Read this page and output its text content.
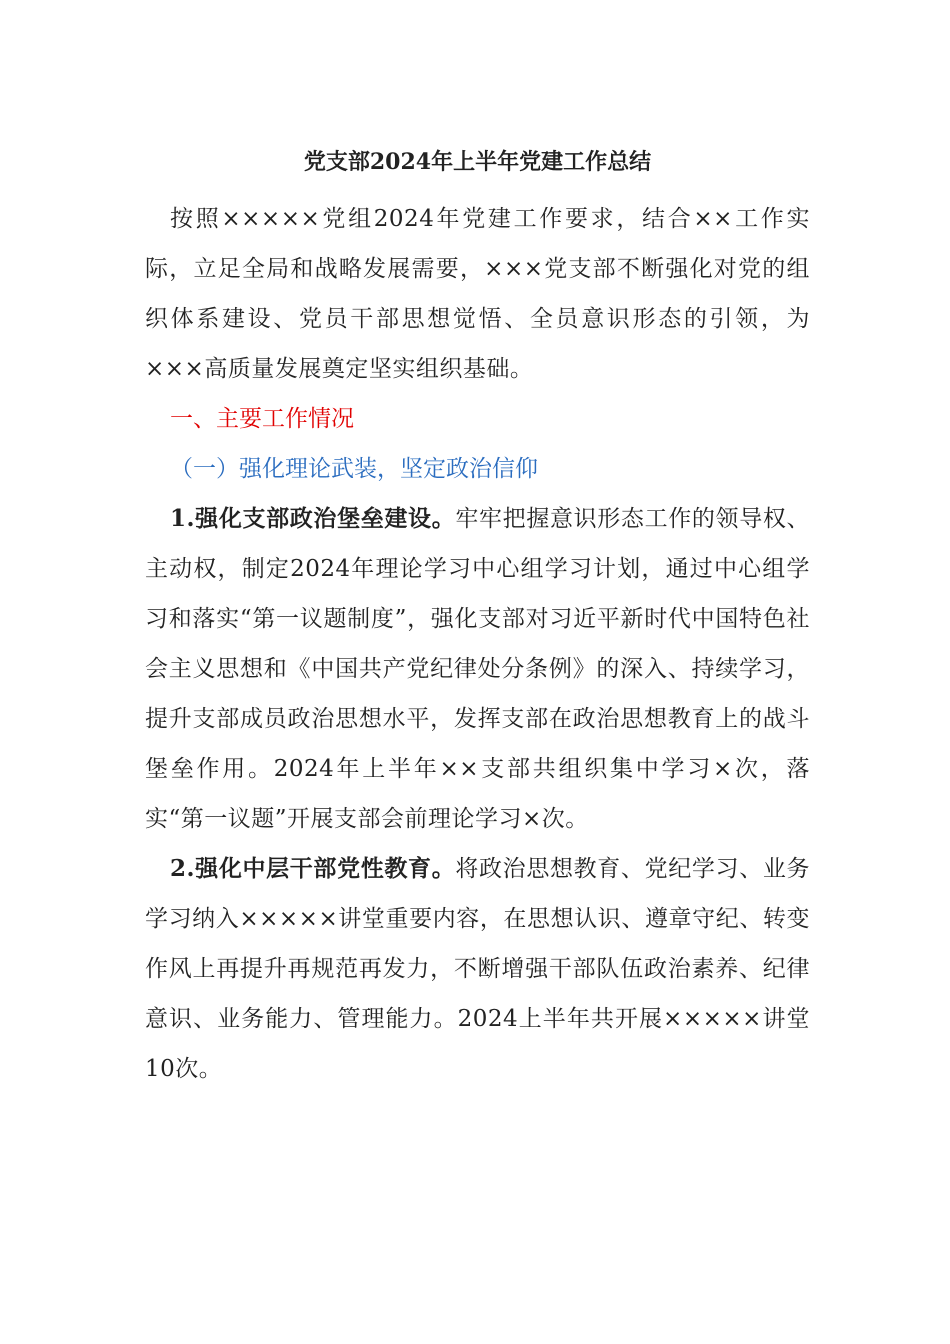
党支部2024年上半年党建工作总结

按照×××××党组2024年党建工作要求，结合××工作实际，立足全局和战略发展需要，×××党支部不断强化对党的组织体系建设、党员干部思想觉悟、全员意识形态的引领，为×××高质量发展奠定坚实组织基础。

一、主要工作情况

（一）强化理论武装，坚定政治信仰

1.强化支部政治堡垒建设。牢牢把握意识形态工作的领导权、主动权，制定2024年理论学习中心组学习计划，通过中心组学习和落实“第一议题制度”，强化支部对习近平新时代中国特色社会主义思想和《中国共产党纪律处分条例》的深入、持续学习，提升支部成员政治思想水平，发挥支部在政治思想教育上的战斗堡垒作用。2024年上半年××支部共组织集中学习×次，落实“第一议题”开展支部会前理论学习×次。

2.强化中层干部党性教育。将政治思想教育、党纪学习、业务学习纳入×××××讲堂重要内容，在思想认识、遵章守纪、转变作风上再提升再规范再发力，不断增强干部队伍政治素养、纪律意识、业务能力、管理能力。2024上半年共开展×××××讲堂10次。
